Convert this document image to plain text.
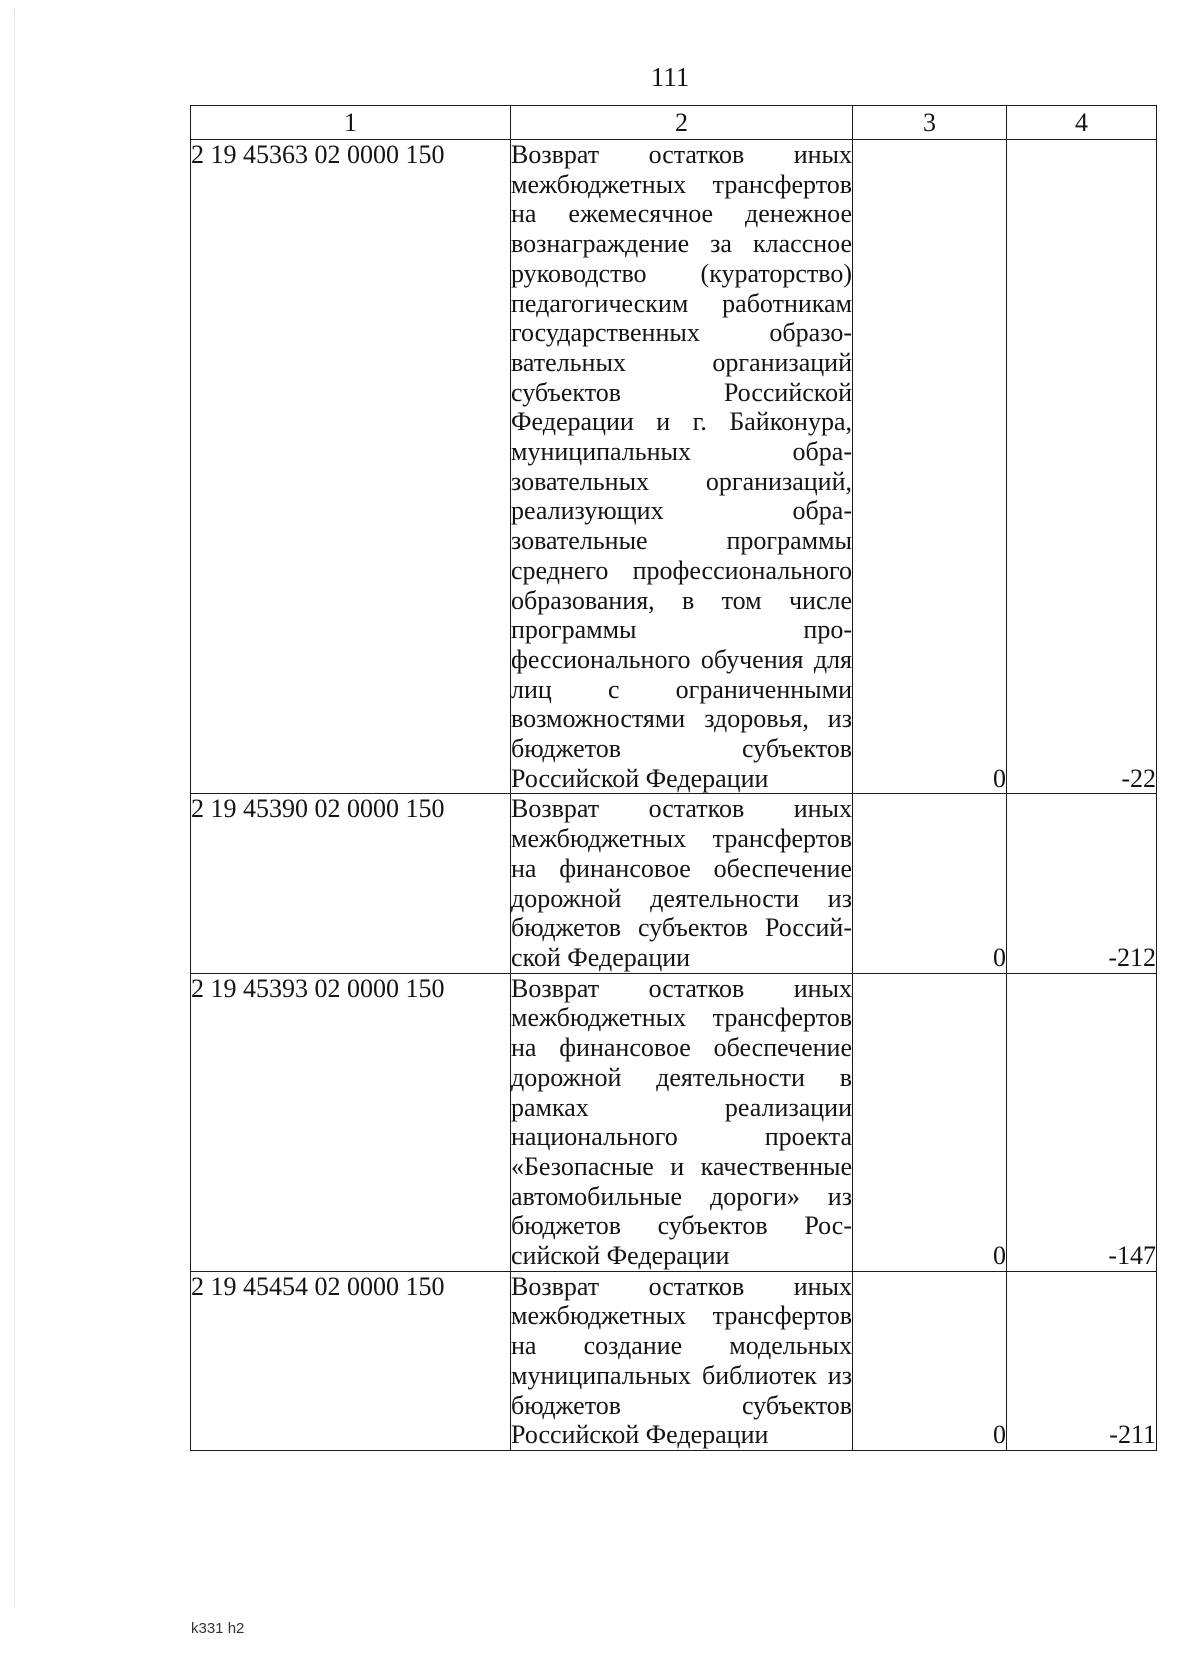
111
1	2	3	4
2 19 45363 02 0000 150	Возврат остатков иных межбюджетных трансфертов на ежемесячное денежное вознаграждение за классное руководство (кураторство) педагогическим работникам государственных образовательных организаций субъектов Российской Федерации и г. Байконура, муниципальных образовательных организаций, реализующих образовательные программы среднего профессионального образования, в том числе программы профессионального обучения для лиц с ограниченными возможностями здоровья, из бюджетов субъектов Российской Федерации	0	-22
2 19 45390 02 0000 150	Возврат остатков иных межбюджетных трансфертов на финансовое обеспечение дорожной деятельности из бюджетов субъектов Российской Федерации	0	-212
2 19 45393 02 0000 150	Возврат остатков иных межбюджетных трансфертов на финансовое обеспечение дорожной деятельности в рамках реализации национального проекта «Безопасные и качественные автомобильные дороги» из бюджетов субъектов Российской Федерации	0	-147
2 19 45454 02 0000 150	Возврат остатков иных межбюджетных трансфертов на создание модельных муниципальных библиотек из бюджетов субъектов Российской Федерации	0	-211
k331 h2
